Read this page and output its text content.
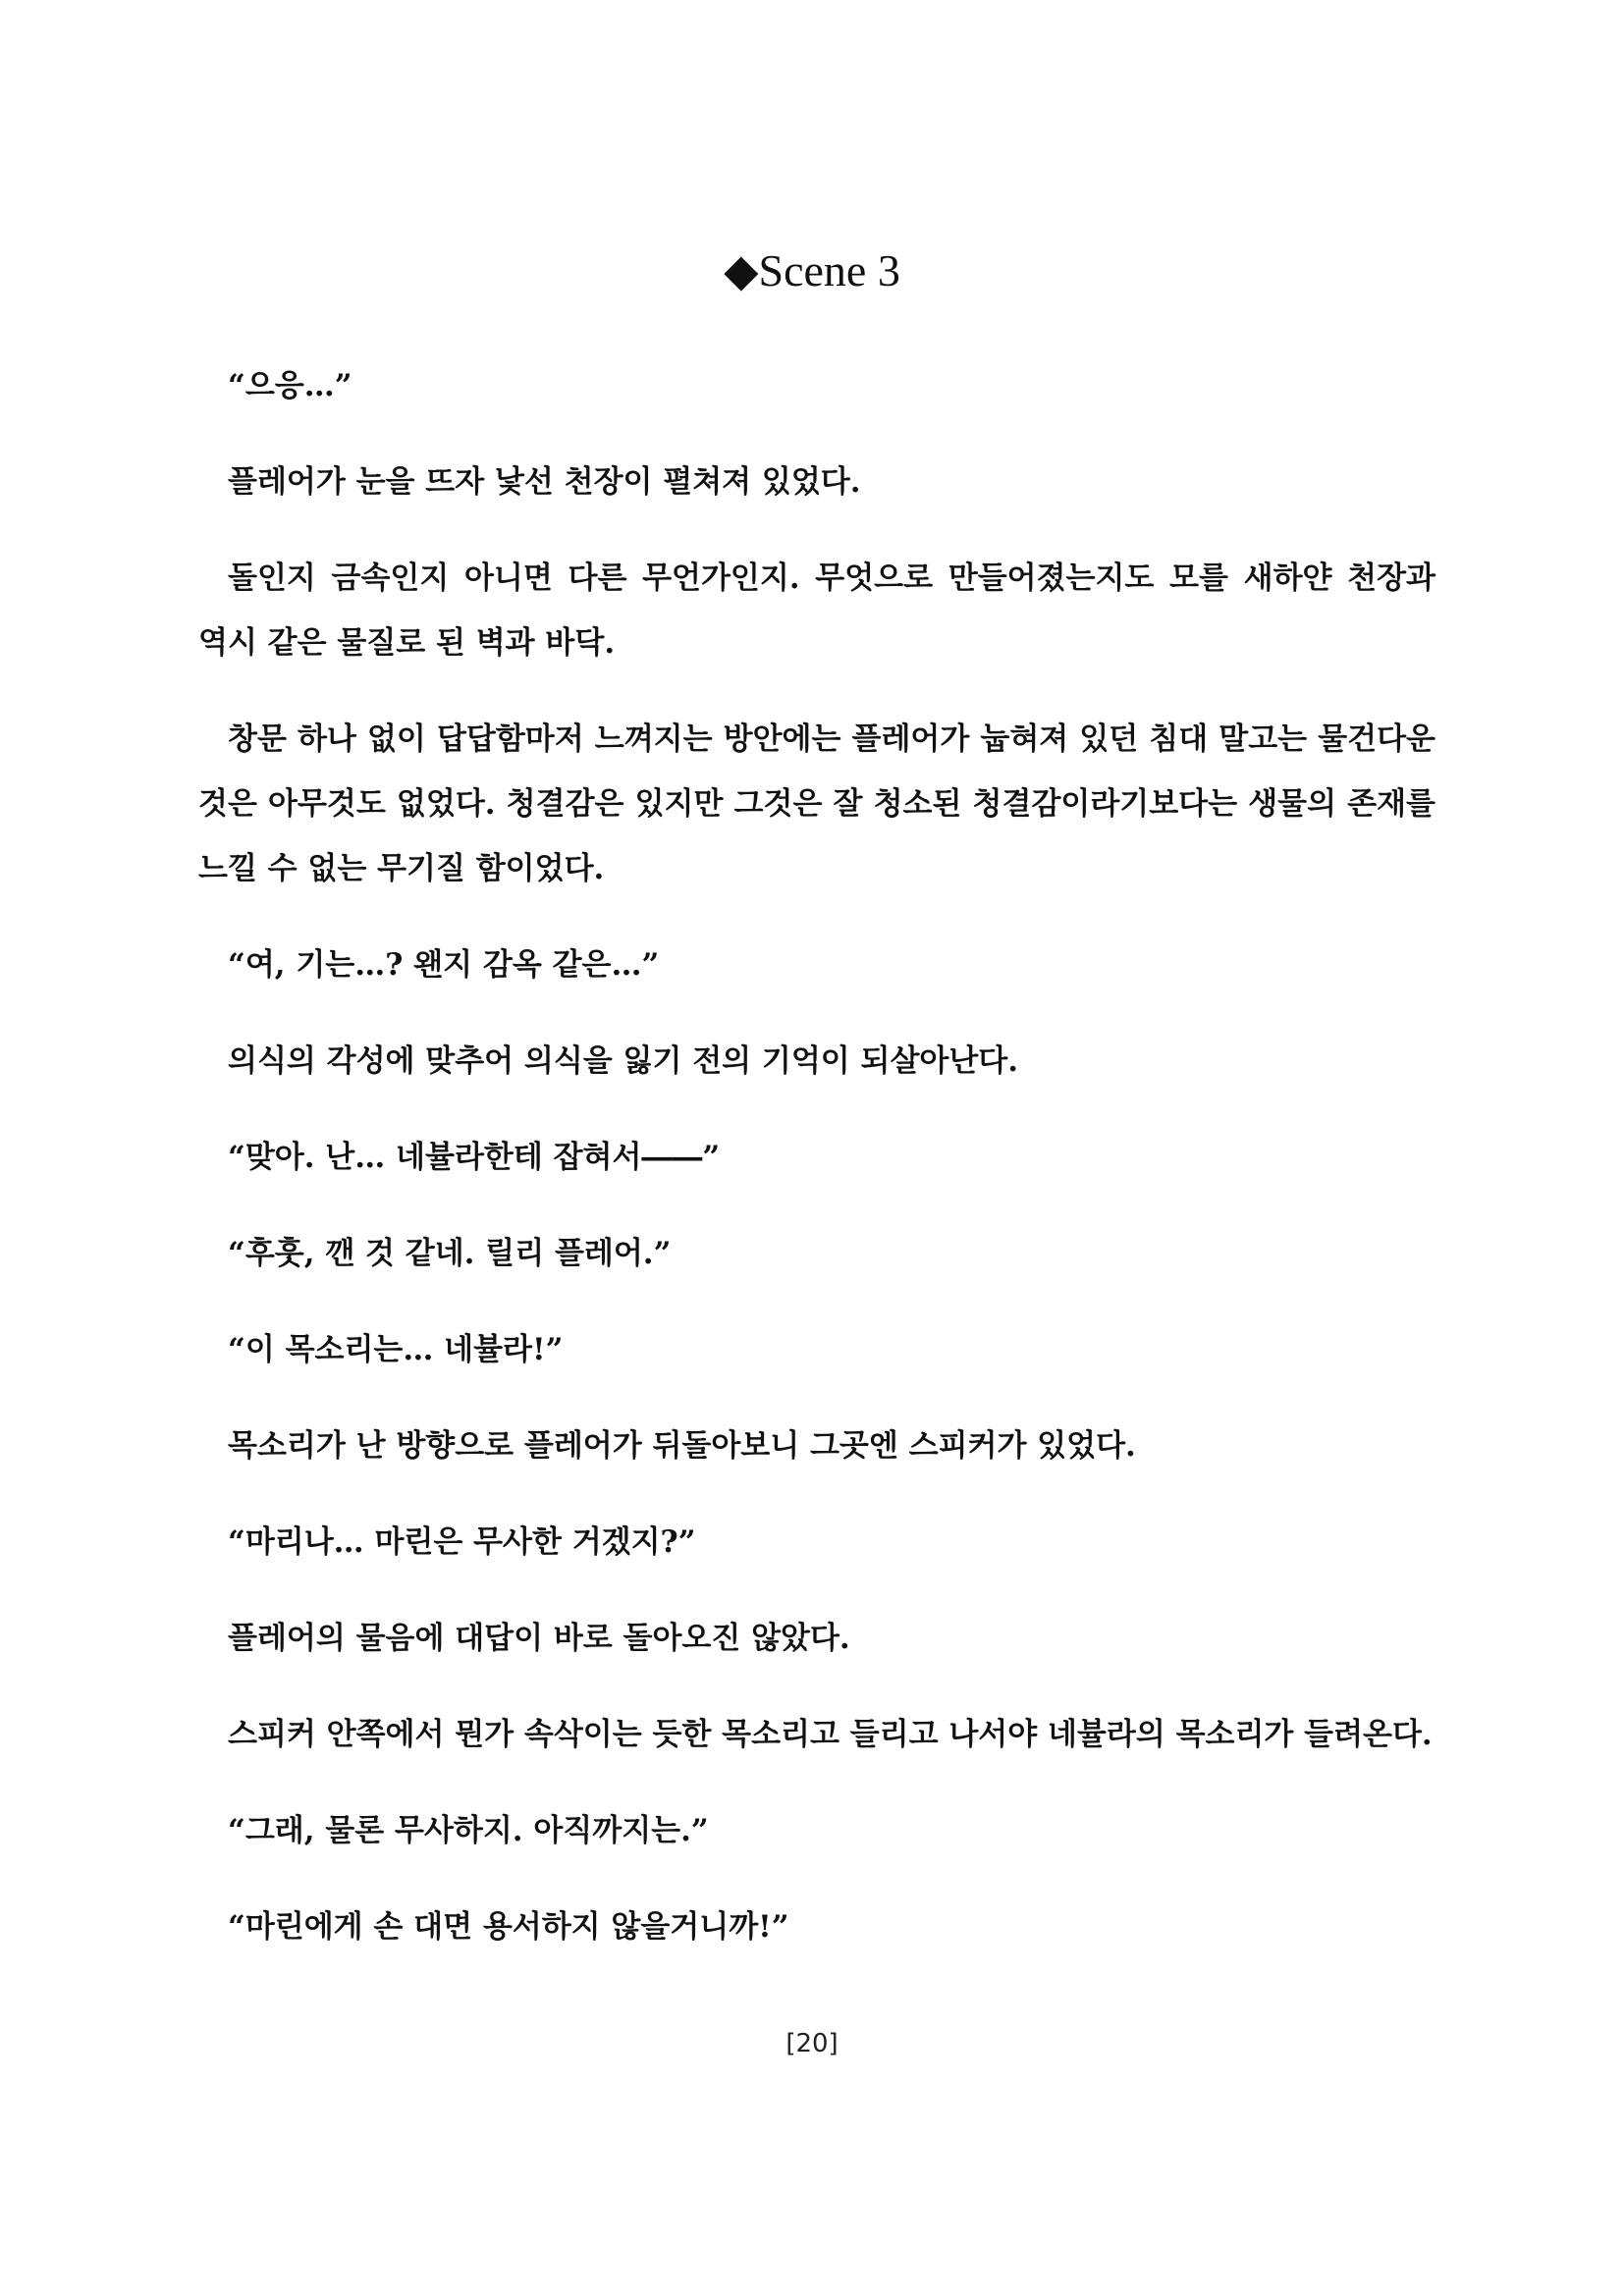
◆Scene 3

“으응…”

플레어가 눈을 뜨자 낯선 천장이 펼쳐져 있었다.

돌인지 금속인지 아니면 다른 무언가인지. 무엇으로 만들어졌는지도 모를 새하얀 천장과 역시 같은 물질로 된 벽과 바닥.

창문 하나 없이 답답함마저 느껴지는 방안에는 플레어가 눕혀져 있던 침대 말고는 물건다운 것은 아무것도 없었다. 청결감은 있지만 그것은 잘 청소된 청결감이라기보다는 생물의 존재를 느낄 수 없는 무기질 함이었다.

“여, 기는…? 왠지 감옥 같은…”

의식의 각성에 맞추어 의식을 잃기 전의 기억이 되살아난다.

“맞아. 난… 네뷸라한테 잡혀서――”

“후훗, 깬 것 같네. 릴리 플레어.”

“이 목소리는… 네뷸라!”

목소리가 난 방향으로 플레어가 뒤돌아보니 그곳엔 스피커가 있었다.

“마리나… 마린은 무사한 거겠지?”

플레어의 물음에 대답이 바로 돌아오진 않았다.

스피커 안쪽에서 뭔가 속삭이는 듯한 목소리고 들리고 나서야 네뷸라의 목소리가 들려온다.

“그래, 물론 무사하지. 아직까지는.”

“마린에게 손 대면 용서하지 않을거니까!”

[20]
